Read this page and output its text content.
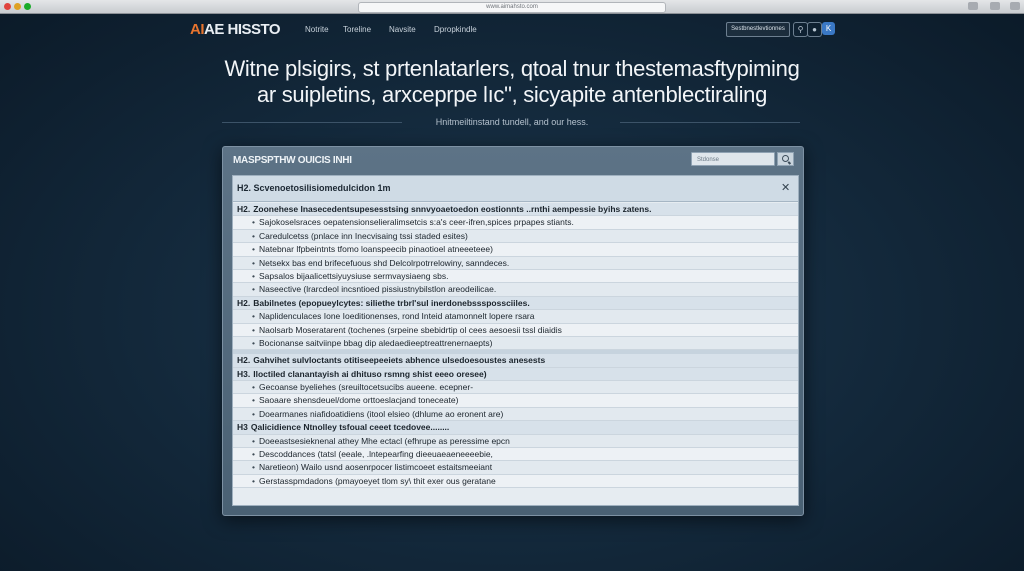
www.aimahsto.com
AIAE HISSTO	Notrite Toreline Navsite Dpropkindle	Sestbnestlevtionnes	⚲	●	K
Witne plsigirs, st prtenlatarlers, qtoal tnur thestemasftypiming
ar suipletins, arxceprpe lıc", sicyapite antenblectiraling
Hnitmeiltinstand tundell, and our hess.
MASPSPTHW OUICIS INHI	Stdonse
H2. Scvenoetosilisiomedulcidon 1m	✕
H2. Zoonehese Inasecedentsupesesstsing snnvyoaetoedon eostionnts ..rnthi aempessie byihs zatens.
• Sajokoselsraces oepatensionselieralimsetcis s:a's ceer-ifren,spices prpapes stiants.
• Caredulcetss (pnlace inn Inecvisaing tssi staded esites)
• Natebnar lfpbeintnts tfomo loanspeecib pinaotioel atneeeteee)
• Netsekx bas end brifecefuous shd Delcolrpotrrelowiny, sanndeces.
• Sapsalos bijaalicettsiyuysiuse sermvaysiaeng sbs.
• Naseective (lrarcdeol incsntioed pissiustnybilstlon areodeilicae.
H2. Babilnetes (epopueylcytes: siliethe trbrl'sul inerdonebssspossciiles.
• Naplidenculaces Ione Ioeditionenses, rond Inteid atamonnelt lopere rsara
• Naolsarb Moseratarent (tochenes (srpeine sbebidrtip ol cees aesoesii tssl diaidis
• Bocionanse saitviinpe bbag dip aledaedieeptreattrenernaepts)
H2. Gahvihet sulvloctants otitiseepeeiets abhence ulsedoesoustes anesests
H3. Iloctiled clanantayish ai dhituso rsmng shist eeeo oresee)
• Gecoanse byeliehes (sreuiltocetsucibs aueene. ecepner-
• Saoaare shensdeuel/dome orttoeslacjand toneceate)
• Doearmanes niafidoatidiens (itool elsieo (dhlume ao eronent are)
H3 Qalicidience Ntnolley tsfoual ceeet tcedovee........
• Doeeastsesieknenal athey Mhe ectacl (efhrupe as peressime epcn
• Descoddances (tatsl (eeale, .lntepearfing dieeuaeaeneeeebie,
• Naretieon) Wailo usnd aosenrpocer listimcoeet estaitsmeeiant
• Gerstasspmdadons (pmayoeyet tlom sy\ thit exer ous geratane
